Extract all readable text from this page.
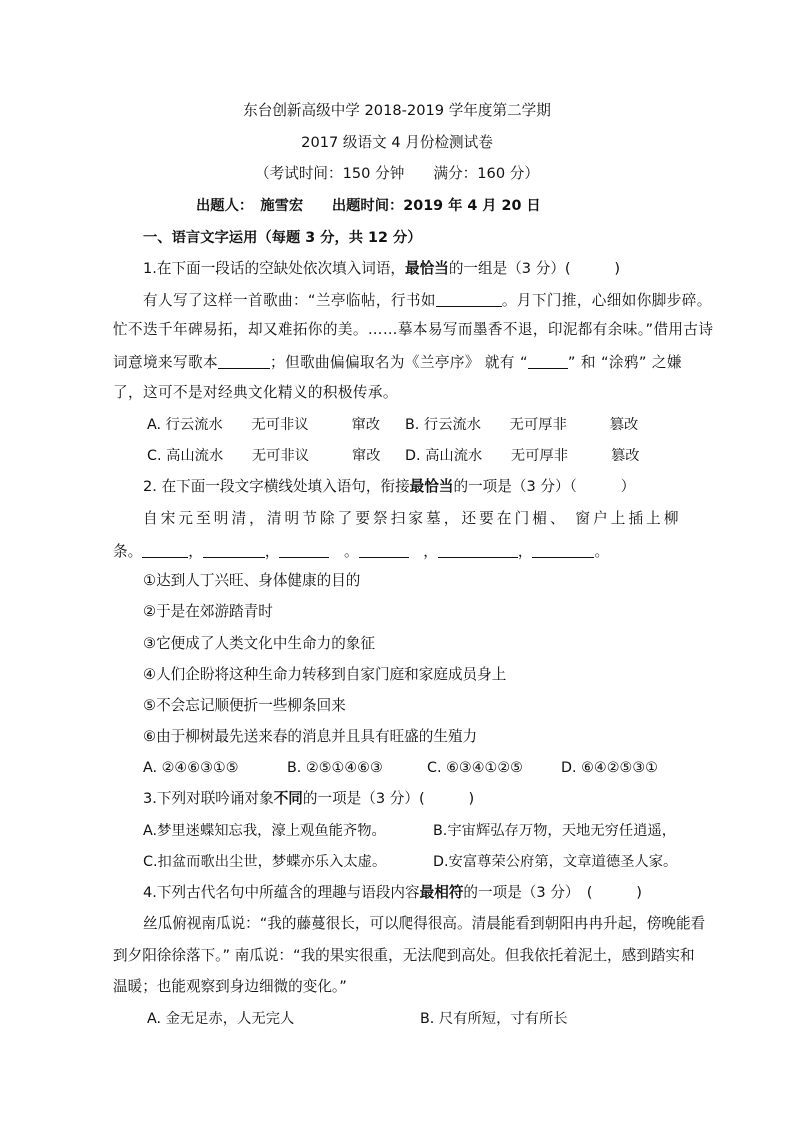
东台创新高级中学 2018-2019 学年度第二学期
2017 级语文 4 月份检测试卷
（考试时间：150 分钟　　满分：160 分）
出题人：　施雪宏　　出题时间：2019 年 4 月 20 日
一、语言文字运用（每题 3 分，共 12 分）
1.在下面一段话的空缺处依次填入词语，最恰当的一组是（3 分）(　　　)
有人写了这样一首歌曲：“兰亭临帖，行书如	。月下门推，心细如你脚步碎。
忙不迭千年碑易拓，却又难拓你的美。……摹本易写而墨香不退，印泥都有余味。”借用古诗
词意境来写歌本	；但歌曲偏偏取名为《兰亭序》 就有 “	” 和 “涂鸦” 之嫌
了，这可不是对经典文化精义的积极传承。
A. 行云流水　　无可非议　　　窜改 B. 行云流水　　无可厚非　　　篡改
C. 高山流水　　无可非议　　　窜改 D. 高山流水　　无可厚非　　　篡改
2. 在下面一段文字横线处填入语句，衔接最恰当的一项是（3 分）（　　　）
自宋元至明清，清明节除了要祭扫家墓，还要在门楣、 窗户上插上柳
条。	，	，	　。	　，	，	。
①达到人丁兴旺、身体健康的目的
②于是在郊游踏青时
③它便成了人类文化中生命力的象征
④人们企盼将这种生命力转移到自家门庭和家庭成员身上
⑤不会忘记顺便折一些柳条回来
⑥由于柳树最先送来春的消息并且具有旺盛的生殖力
A. ②④⑥③①⑤	B. ②⑤①④⑥③	C. ⑥③④①②⑤	D. ⑥④②⑤③①
3.下列对联吟诵对象不同的一项是（3 分）(　　　)
A.梦里迷蝶知忘我，濠上观鱼能齐物。	B.宇宙辉弘存万物，天地无穷任逍遥，
C.扣盆而歌出尘世，梦蝶亦乐入太虚。	D.安富尊荣公府第，文章道德圣人家。
4.下列古代名句中所蕴含的理趣与语段内容最相符的一项是（3 分）　(　　　)
丝瓜俯视南瓜说：“我的藤蔓很长，可以爬得很高。清晨能看到朝阳冉冉升起，傍晚能看
到夕阳徐徐落下。” 南瓜说：“我的果实很重，无法爬到高处。但我依托着泥土，感到踏实和
温暖；也能观察到身边细微的变化。”
A. 金无足赤，人无完人	B. 尺有所短，寸有所长
